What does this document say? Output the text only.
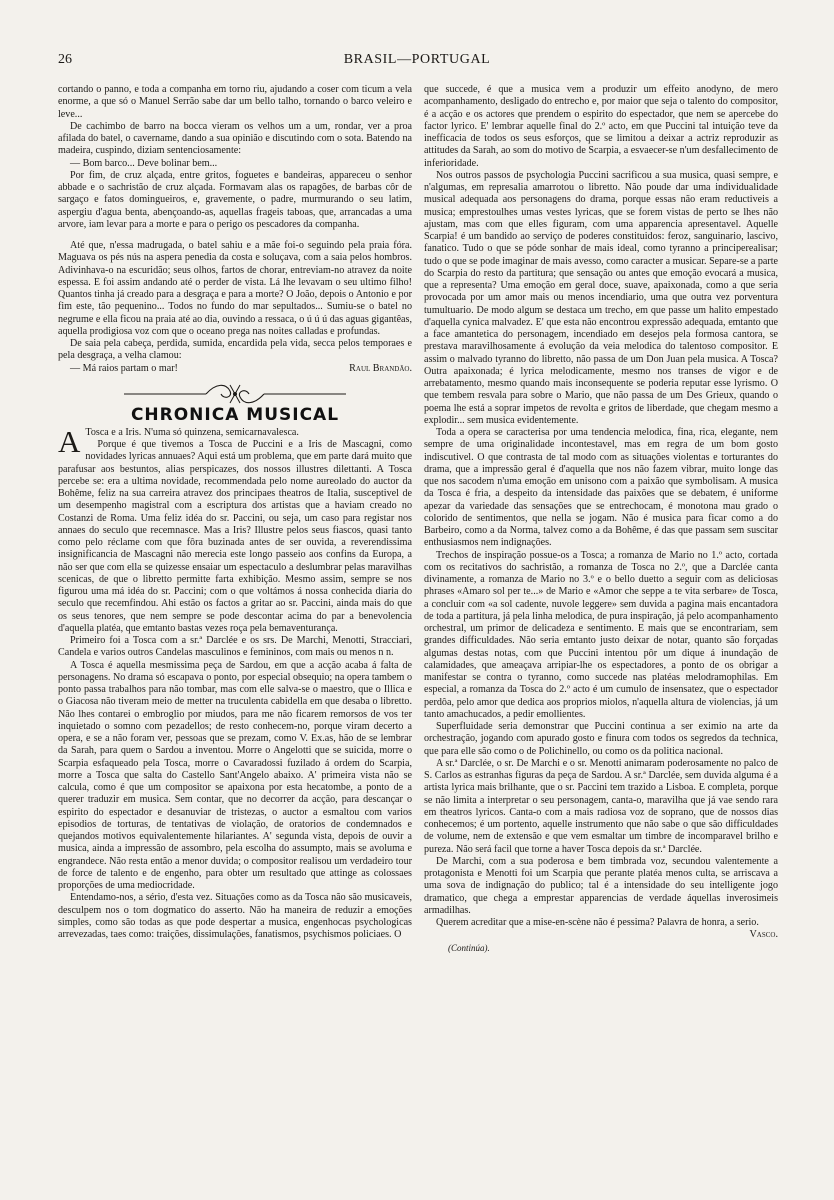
26	BRASIL—PORTUGAL

cortando o panno, e toda a companha em torno riu, ajudando a coser com ticum a vela enorme, a que só o Manuel Serrão sabe dar um bello talho, tornando o barco veleiro e leve...

De cachimbo de barro na bocca vieram os velhos um a um, rondar, ver a proa afilada do batel, o cavername, dando a sua opinião e discutindo com o sota. Batendo na madeira, cuspindo, diziam sentenciosamente:

— Bom barco... Deve bolinar bem...

Por fim, de cruz alçada, entre gritos, foguetes e bandeiras, appareceu o senhor abbade e o sachristão de cruz alçada. Formavam alas os rapagões, de barbas côr de sargaço e fatos domingueiros, e, gravemente, o padre, murmurando o seu latim, aspergiu d'agua benta, abençoando-as, aquellas frageis taboas, que, arrancadas a uma arvore, iam levar para a morte e para o perigo os pescadores da companha.

Até que, n'essa madrugada, o batel sahiu e a mãe foi-o seguindo pela praia fóra. Maguava os pés nús na aspera penedia da costa e soluçava, com a saia pelos hombros. Adivinhava-o na escuridão; seus olhos, fartos de chorar, entreviam-no atravez da noite espessa. E foi assim andando até o perder de vista. Lá lhe levavam o seu ultimo filho! Quantos tinha já creado para a desgraça e para a morte? O João, depois o Antonio e por fim este, tão pequenino... Todos no fundo do mar sepultados... Sumiu-se o batel no negrume e ella ficou na praia até ao dia, ouvindo a ressaca, o ú ú ú das aguas gigantêas, aquella prodigiosa voz com que o oceano prega nas noites calladas e profundas.

De saia pela cabeça, perdida, sumida, encardida pela vida, secca pelos temporaes e pela desgraça, a velha clamou:

— Má raios partam o mar!	Raul Brandão.
CHRONICA MUSICAL

A Tosca e a Iris. N'uma só quinzena, semicarnavalesca.

Porque é que tivemos a Tosca de Puccini e a Iris de Mascagni, como novidades lyricas annuaes? Aqui está um problema, que em parte dará muito que parafusar aos bestuntos, alias perspicazes, dos nossos illustres dilettanti. A Tosca percebe se: era a ultima novidade, recommendada pelo nome aureolado do auctor da Bohême, feliz na sua carreira atravez dos principaes theatros de Italia, susceptivel de um desempenho magistral com a escriptura dos artistas que a haviam creado no Costanzi de Roma. Uma feliz idéa do sr. Paccini, ou seja, um caso para registar nos annaes do seculo que recemnasce. Mas a Iris? Illustre pelos seus fiascos, quasi tanto como pelo réclame com que fôra buzinada antes de ser ouvida, a reverendissima insignificancia de Mascagni não merecia este longo passeio aos confins da Europa, a não ser que com ella se quizesse ensaiar um espectaculo a deslumbrar pelas maravilhas scenicas, de que o libretto permitte farta exhibição. Mesmo assim, sempre se nos figurou uma má idéa do sr. Paccini; com o que voltámos á nossa conhecida diaria do seculo que recemfindou. Ahi estão os factos a gritar ao sr. Paccini, ainda mais do que os seus tenores, que nem sempre se pode descontar acima do par a benevolencia d'aquella platéa, que emtanto bastas vezes roça pela bemaventurança.

Primeiro foi a Tosca com a sr.ª Darclée e os srs. De Marchi, Menotti, Stracciari, Candela e varios outros Candelas masculinos e femininos, com mais ou menos n n.

A Tosca é aquella mesmissima peça de Sardou, em que a acção acaba á falta de personagens. No drama só escapava o ponto, por especial obsequio; na opera tambem o ponto passa trabalhos para não tombar, mas com elle salva-se o maestro, que o Illica e o Giacosa não tiveram meio de metter na truculenta cabidella em que desaba o libretto. Não lhes contarei o embroglio por miudos, para me não ficarem remorsos de vos ter inquietado o somno com pezadellos; de resto conhecem-no, porque viram decerto a opera, e se a não foram ver, pessoas que se prezam, como V. Ex.as, hão de se lembrar da Sarah, para quem o Sardou a inventou. Morre o Angelotti que se suicida, morre o Scarpia esfaqueado pela Tosca, morre o Cavaradossi fuzilado á ordem do Scarpia, morre a Tosca que salta do Castello Sant'Angelo abaixo. A' primeira vista não se calcula, como é que um compositor se apaixona por esta hecatombe, a ponto de a querer traduzir em musica. Sem contar, que no decorrer da acção, para descançar o espirito do espectador e desanuviar de tristezas, o auctor a esmaltou com varios episodios de torturas, de tentativas de violação, de oratorios de condemnados e quejandos motivos equivalentemente hilariantes. A' segunda vista, depois de ouvir a musica, ainda a impressão de assombro, pela escolha do assumpto, mais se avoluma e engrandece. Não resta então a menor duvida; o compositor realisou um verdadeiro tour de force de talento e de engenho, para obter um resultado que attinge as colossaes proporções de uma mediocridade.

Entendamo-nos, a sério, d'esta vez. Situações como as da Tosca não são musicaveis, desculpem nos o tom dogmatico do asserto. Não ha maneira de reduzir a emoções simples, como são todas as que pode despertar a musica, engenhocas psychologicas arrevezadas, taes como: traições, dissimulações, fanatismos, psychismos policiaes. O

que succede, é que a musica vem a produzir um effeito anodyno, de mero acompanhamento, desligado do entrecho e, por maior que seja o talento do compositor, é a acção e os actores que prendem o espirito do espectador, que nem se apercebe do factor lyrico. E' lembrar aquelle final do 2.º acto, em que Puccini tal intuição teve da inefficacia de todos os seus esforços, que se limitou a deixar a actriz reproduzir as attitudes da Sarah, ao som do motivo de Scarpia, a esvaecer-se n'um desfallecimento de inferioridade.

Nos outros passos de psychologia Puccini sacrificou a sua musica, quasi sempre, e n'algumas, em represalia amarrotou o libretto. Não poude dar uma individualidade musical adequada aos personagens do drama, porque essas não eram reductiveis a musica; emprestoulhes umas vestes lyricas, que se forem vistas de perto se lhes não ajustam, mas com que elles figuram, com uma apparencia apresentavel. Aquelle Scarpia! é um bandido ao serviço de poderes constituidos: feroz, sanguinario, lascivo, fanatico. Tudo o que se póde sonhar de mais ideal, como tyranno a principerealisar; tudo o que se pode imaginar de mais avesso, como caracter a musicar. Separe-se a parte do Scarpia do resto da partitura; que sensação ou antes que emoção evocará a musica, que a representa? Uma emoção em geral doce, suave, apaixonada, como a que seria provocada por um amor mais ou menos incendiario, uma que outra vez porventura tumultuario. De modo algum se destaca um trecho, em que passe um halito empestado d'aquella cynica malvadez. E' que esta não encontrou expressão adequada, emtanto que a face amantetica do personagem, incendiado em desejos pela formosa cantora, se prestava maravilhosamente á evolução da veia melodica do talentoso compositor. E assim o malvado tyranno do libretto, não passa de um Don Juan pela musica. A Tosca? Outra apaixonada; é lyrica melodicamente, mesmo nos transes de vigor e de arrebatamento, mesmo quando mais inconsequente se poderia reputar esse lyrismo. O que tembem resvala para sobre o Mario, que não passa de um Des Grieux, quando o poema lhe está a soprar impetos de revolta e gritos de liberdade, que chegam mesmo a explodir... sem musica evidentemente.

Toda a opera se caracterisa por uma tendencia melodica, fina, rica, elegante, nem sempre de uma originalidade incontestavel, mas em regra de um bom gosto indiscutivel. O que contrasta de tal modo com as situações violentas e torturantes do drama, que a impressão geral é d'aquella que nos não fazem vibrar, muito longe das que nos sacodem n'uma emoção em unisono com a paixão que symbolisam. A musica da Tosca é fria, a despeito da intensidade das paixões que se debatem, é uniforme apezar da variedade das sensações que se entrechocam, é monotona mau grado o colorido de sentimentos, que nella se jogam. Não é musica para ficar como a do Barbeiro, como a da Norma, talvez como a da Bohême, é das que passam sem suscitar enthusiasmos nem indignações.

Trechos de inspiração possue-os a Tosca; a romanza de Mario no 1.º acto, cortada com os recitativos do sachristão, a romanza de Tosca no 2.º, que a Darclée canta divinamente, a romanza de Mario no 3.º e o bello duetto a seguir com as deliciosas phrases «Amaro sol per te...» de Mario e «Amor che seppe a te vita serbare» de Tosca, a concluir com «a sol cadente, nuvole leggere» sem duvida a pagina mais encantadora de toda a partitura, já pela linha melodica, de pura inspiração, já pelo acompanhamento orchestral, um primor de delicadeza e sentimento. E mais que se encontrariam, sem grandes difficuldades. Não seria emtanto justo deixar de notar, quanto são forçadas algumas destas notas, com que Puccini intentou pôr um dique á inundação de calamidades, que ameaçava arripiar-lhe os espectadores, a ponto de os obrigar a manifestar se contra o tyranno, como succede nas platéas melodramophilas. Em especial, a romanza da Tosca do 2.º acto é um cumulo de insensatez, que o espectador perdôa, pelo amor que dedica aos proprios miolos, n'aquella altura de violencias, já um tanto amachucados, a pedir emollientes.

Superfluidade seria demonstrar que Puccini continua a ser eximio na arte da orchestração, jogando com apurado gosto e finura com todos os segredos da technica, que para elle são como o de Polichinello, ou como os da politica nacional.

A sr.ª Darclée, o sr. De Marchi e o sr. Menotti animaram poderosamente no palco de S. Carlos as estranhas figuras da peça de Sardou. A sr.ª Darclée, sem duvida alguma é a artista lyrica mais brilhante, que o sr. Paccini tem trazido a Lisboa. E completa, porque se não limita a interpretar o seu personagem, canta-o, maravilha que já vae sendo rara em theatros lyricos. Canta-o com a mais radiosa voz de soprano, que de nossos dias conhecemos; é um portento, aquelle instrumento que não sabe o que são difficuldades de volume, nem de extensão e que vem esmaltar um timbre de incomparavel brilho e pureza. Não será facil que torne a haver Tosca depois da sr.ª Darclée.

De Marchi, com a sua poderosa e bem timbrada voz, secundou valentemente a protagonista e Menotti foi um Scarpia que perante platéa menos culta, se arriscava a uma sova de indignação do publico; tal é a intensidade do seu intelligente jogo dramatico, que chega a emprestar apparencias de verdade áquellas inverosimeis armadilhas.

Querem acreditar que a mise-en-scène não é pessima? Palavra de honra, a serio.

Vasco.

(Continúa).
